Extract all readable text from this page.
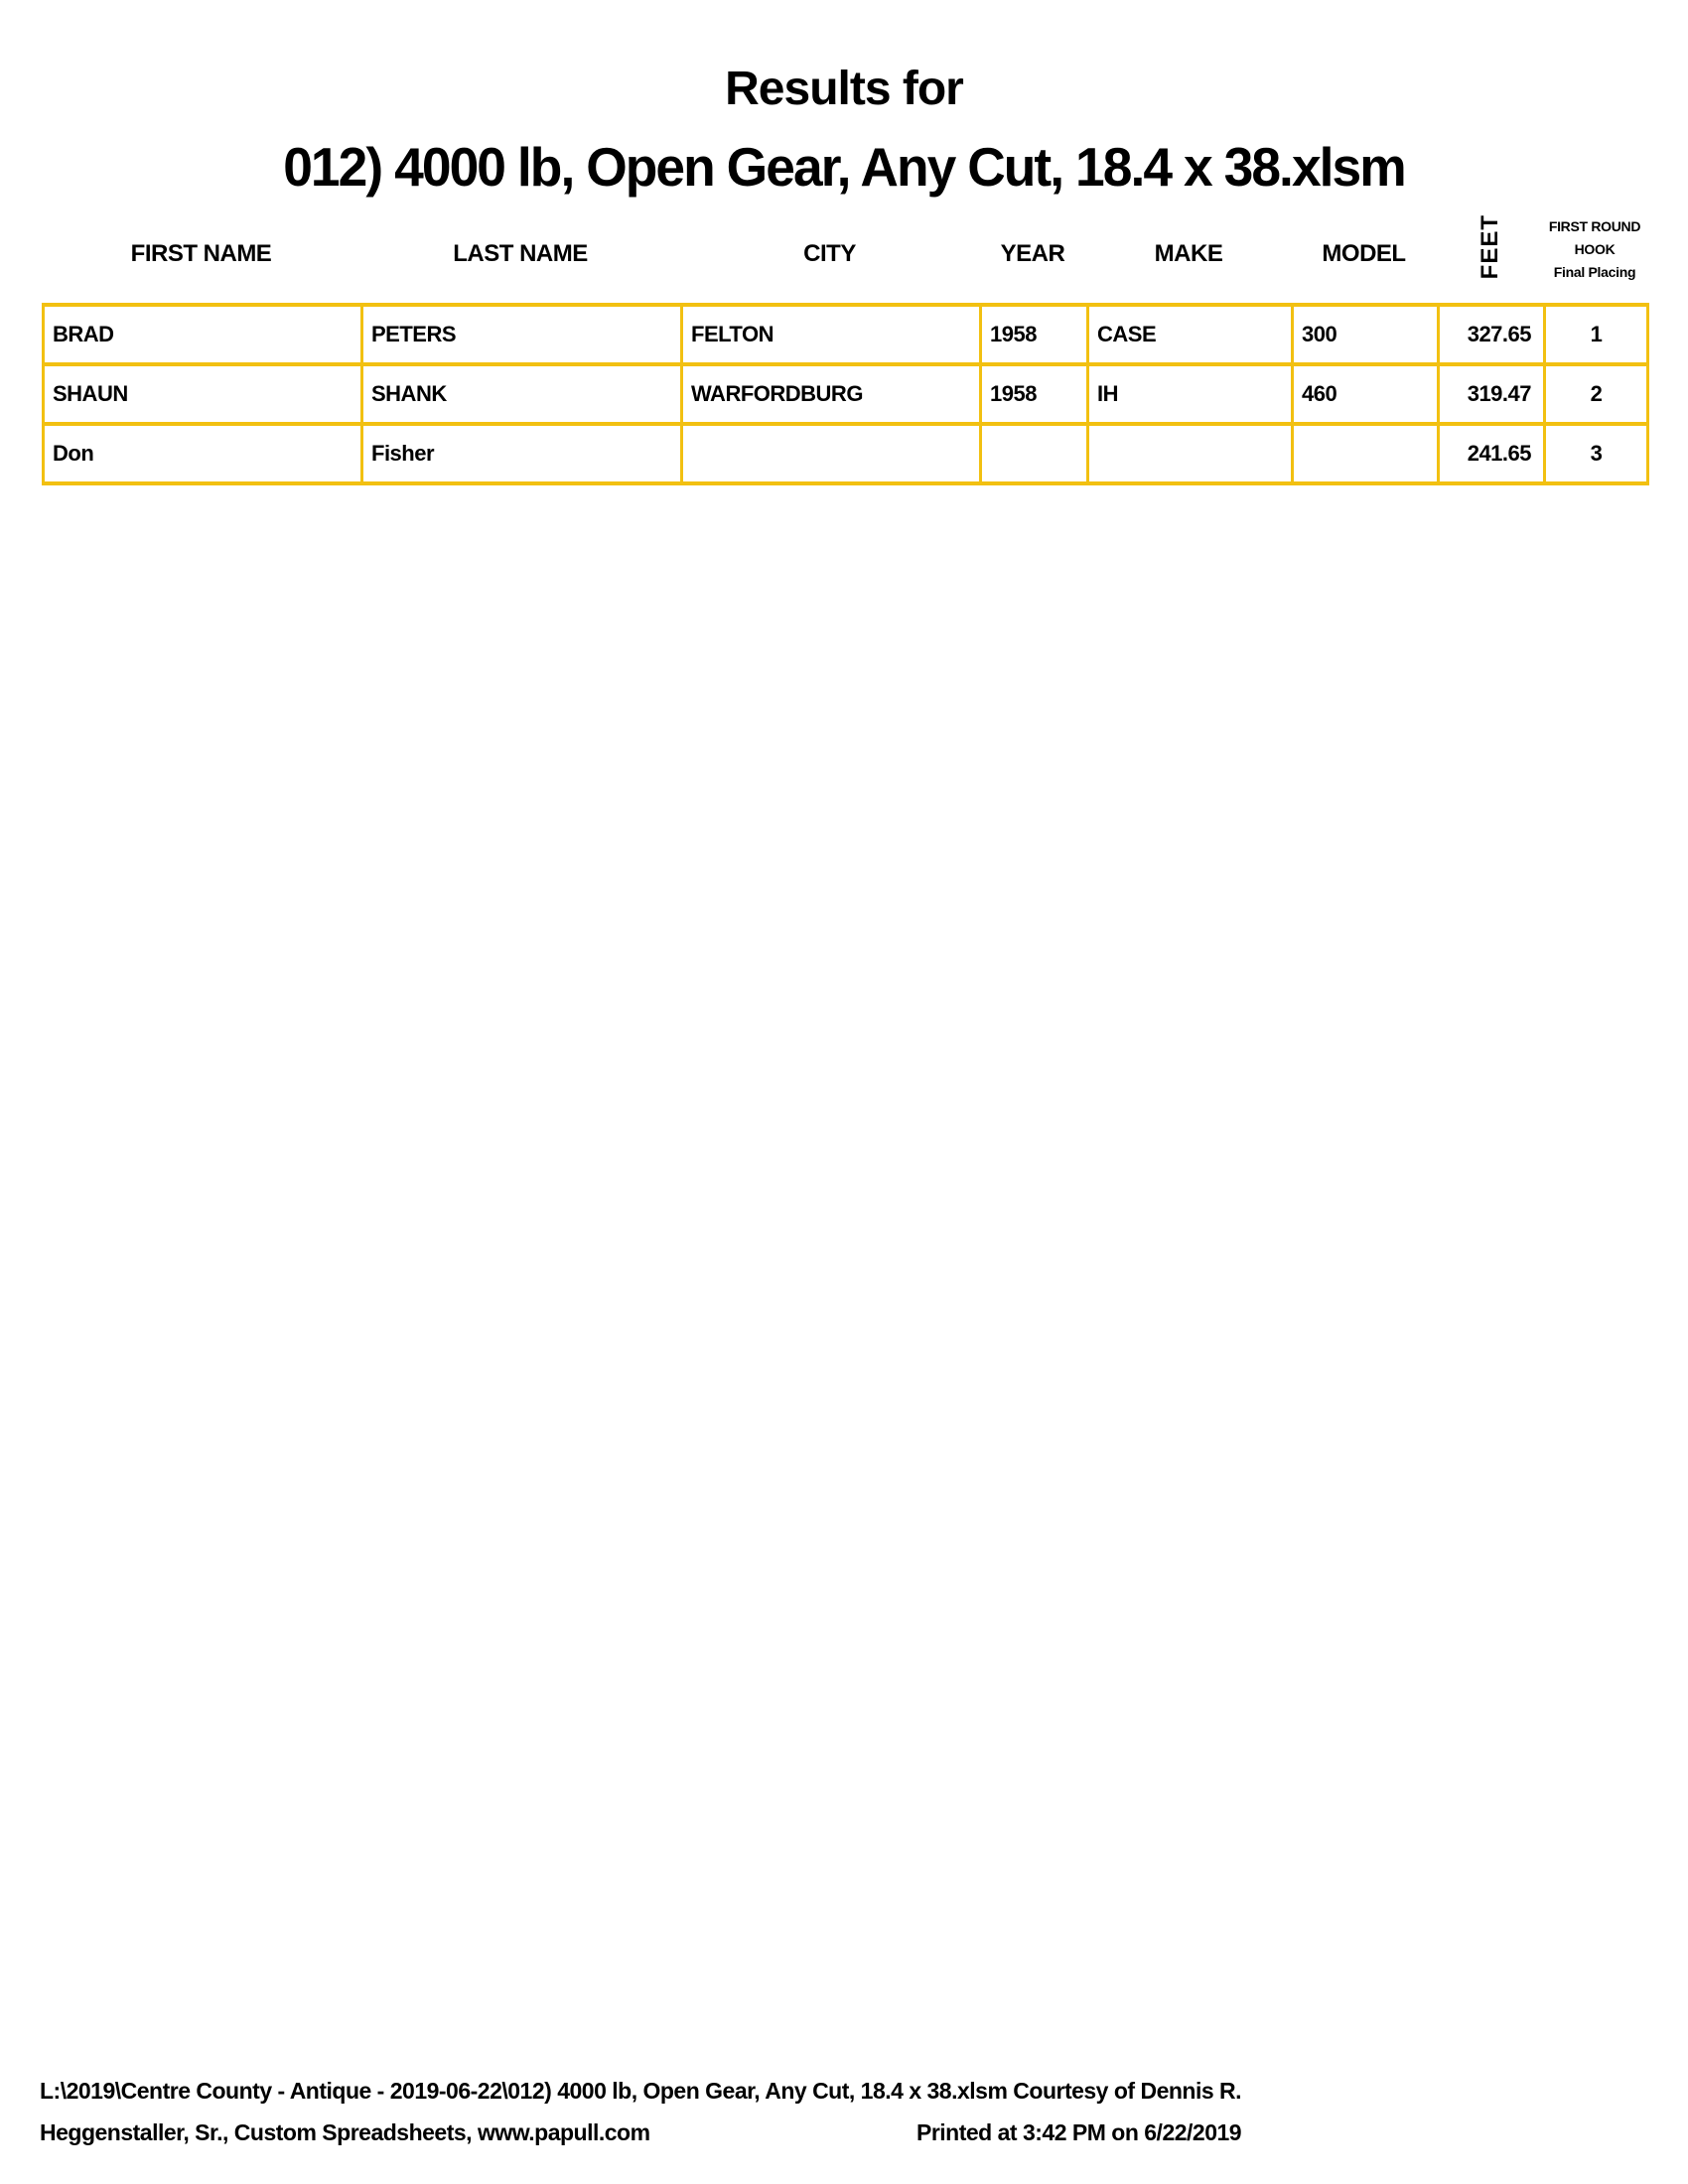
Results for
012) 4000 lb, Open Gear, Any Cut, 18.4 x 38.xlsm
FIRST NAME	LAST NAME	CITY	YEAR	MAKE	MODEL	FEET	FIRST ROUND
HOOK
Final Placing
BRAD	PETERS	FELTON	1958	CASE	300	327.65	1
SHAUN	SHANK	WARFORDBURG	1958	IH	460	319.47	2
Don	Fisher					241.65	3
L:\2019\Centre County - Antique - 2019-06-22\012) 4000 lb, Open Gear, Any Cut, 18.4 x 38.xlsm Courtesy of Dennis R.
Heggenstaller, Sr., Custom Spreadsheets, www.papull.com	Printed at 3:42 PM on 6/22/2019
